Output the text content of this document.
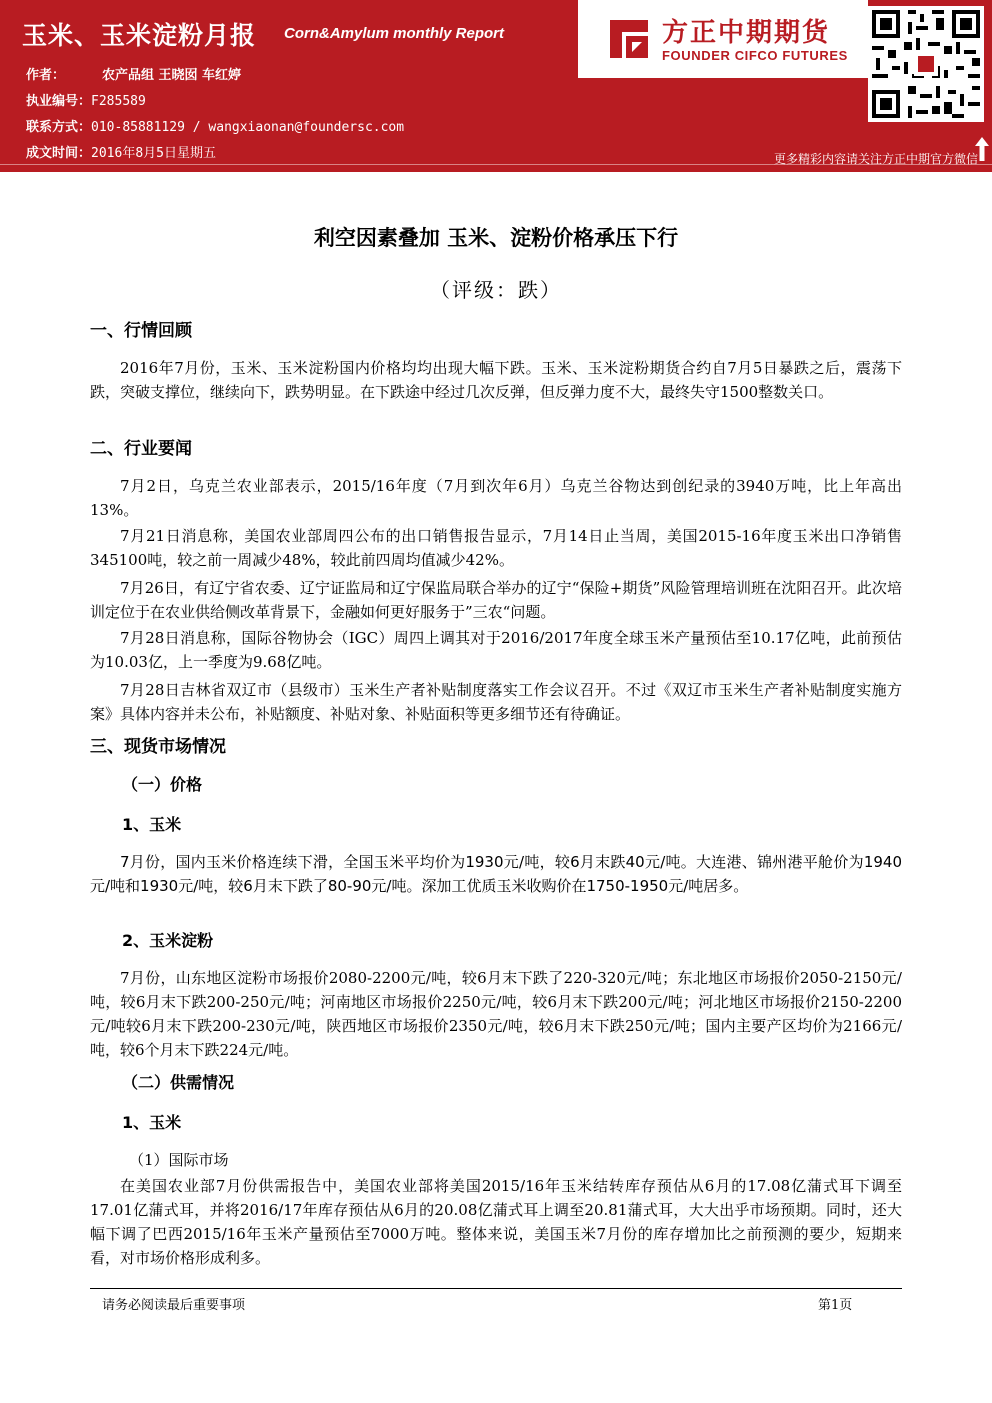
玉米、玉米淀粉月报 Corn&Amylum monthly Report
作者：	农产品组 王晓囡 车红婷
执业编号：F285589
联系方式：010-85881129 / wangxiaonan@foundersc.com
成文时间：2016年8月5日星期五
方正中期期货
FOUNDER CIFCO FUTURES
更多精彩内容请关注方正中期官方微信
利空因素叠加 玉米、淀粉价格承压下行
（评级：跌）
一、行情回顾
2016年7月份，玉米、玉米淀粉国内价格均均出现大幅下跌。玉米、玉米淀粉期货合约自7月5日暴跌之后，震荡下跌，突破支撑位，继续向下，跌势明显。在下跌途中经过几次反弹，但反弹力度不大，最终失守1500整数关口。
二、行业要闻
7月2日，乌克兰农业部表示，2015/16年度（7月到次年6月）乌克兰谷物达到创纪录的3940万吨，比上年高出13%。
7月21日消息称，美国农业部周四公布的出口销售报告显示，7月14日止当周，美国2015-16年度玉米出口净销售345100吨，较之前一周减少48%，较此前四周均值减少42%。
7月26日，有辽宁省农委、辽宁证监局和辽宁保监局联合举办的辽宁“保险+期货”风险管理培训班在沈阳召开。此次培训定位于在农业供给侧改革背景下，金融如何更好服务于”三农“问题。
7月28日消息称，国际谷物协会（IGC）周四上调其对于2016/2017年度全球玉米产量预估至10.17亿吨，此前预估为10.03亿，上一季度为9.68亿吨。
7月28日吉林省双辽市（县级市）玉米生产者补贴制度落实工作会议召开。不过《双辽市玉米生产者补贴制度实施方案》具体内容并未公布，补贴额度、补贴对象、补贴面积等更多细节还有待确证。
三、现货市场情况
（一）价格
1、玉米
7月份，国内玉米价格连续下滑，全国玉米平均价为1930元/吨，较6月末跌40元/吨。大连港、锦州港平舱价为1940元/吨和1930元/吨，较6月末下跌了80-90元/吨。深加工优质玉米收购价在1750-1950元/吨居多。
2、玉米淀粉
7月份，山东地区淀粉市场报价2080-2200元/吨，较6月末下跌了220-320元/吨；东北地区市场报价2050-2150元/吨，较6月末下跌200-250元/吨；河南地区市场报价2250元/吨，较6月末下跌200元/吨；河北地区市场报价2150-2200元/吨较6月末下跌200-230元/吨，陕西地区市场报价2350元/吨，较6月末下跌250元/吨；国内主要产区均价为2166元/吨，较6个月末下跌224元/吨。
（二）供需情况
1、玉米
（1）国际市场
在美国农业部7月份供需报告中，美国农业部将美国2015/16年玉米结转库存预估从6月的17.08亿蒲式耳下调至17.01亿蒲式耳，并将2016/17年库存预估从6月的20.08亿蒲式耳上调至20.81蒲式耳，大大出乎市场预期。同时，还大幅下调了巴西2015/16年玉米产量预估至7000万吨。整体来说，美国玉米7月份的库存增加比之前预测的要少，短期来看，对市场价格形成利多。
请务必阅读最后重要事项	第1页
